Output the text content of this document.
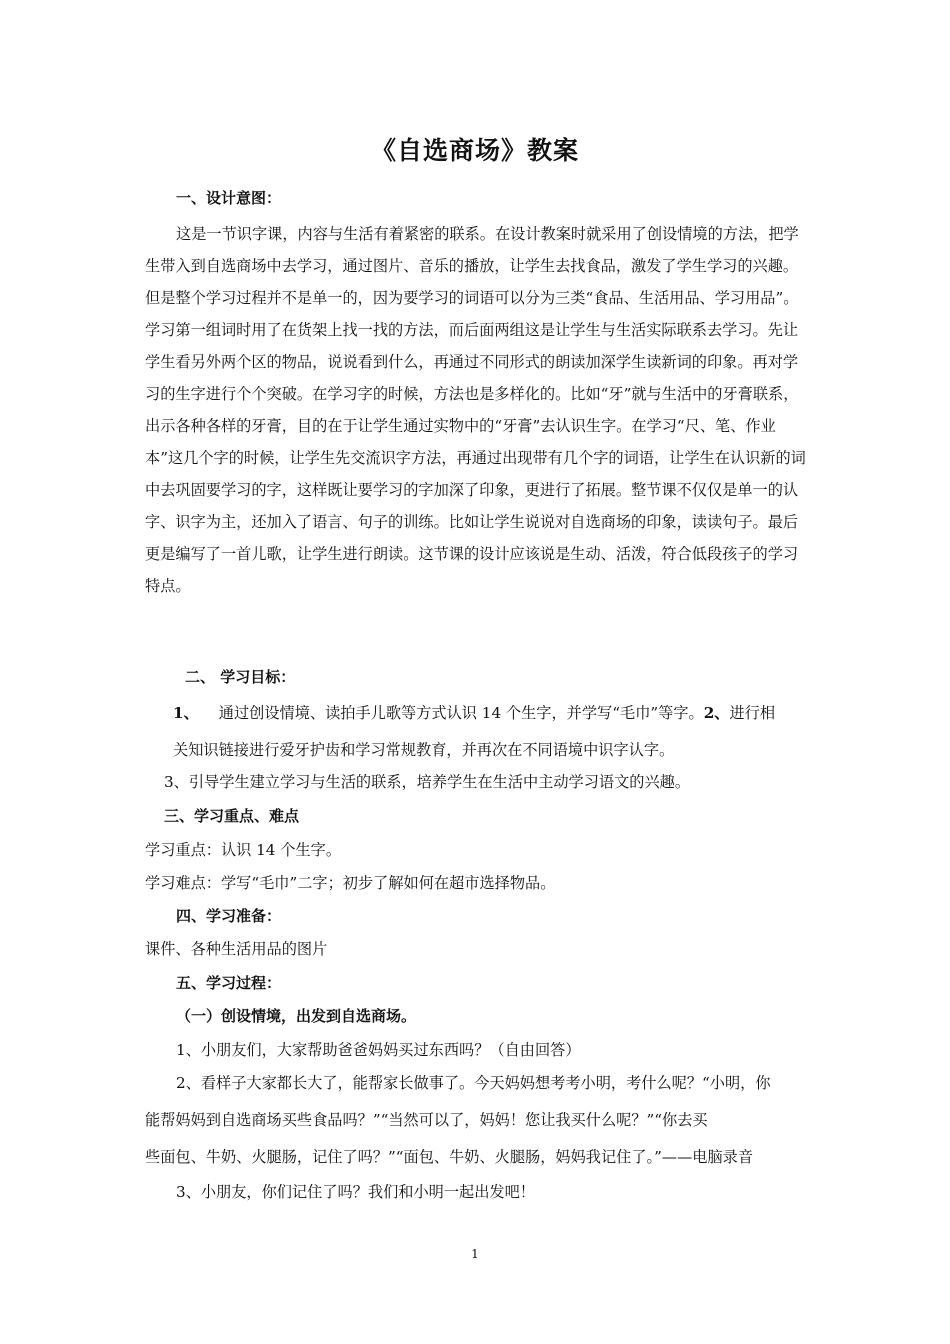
《自选商场》教案
一、设计意图：
这是一节识字课，内容与生活有着紧密的联系。在设计教案时就采用了创设情境的方法，把学生带入到自选商场中去学习，通过图片、音乐的播放，让学生去找食品，激发了学生学习的兴趣。但是整个学习过程并不是单一的，因为要学习的词语可以分为三类“食品、生活用品、学习用品”。学习第一组词时用了在货架上找一找的方法，而后面两组这是让学生与生活实际联系去学习。先让学生看另外两个区的物品，说说看到什么，再通过不同形式的朗读加深学生读新词的印象。再对学习的生字进行个个突破。在学习字的时候，方法也是多样化的。比如“牙”就与生活中的牙膏联系，出示各种各样的牙膏，目的在于让学生通过实物中的“牙膏”去认识生字。在学习“尺、笔、作业本”这几个字的时候，让学生先交流识字方法，再通过出现带有几个字的词语，让学生在认识新的词中去巩固要学习的字，这样既让要学习的字加深了印象，更进行了拓展。整节课不仅仅是单一的认字、识字为主，还加入了语言、句子的训练。比如让学生说说对自选商场的印象，读读句子。最后更是编写了一首儿歌，让学生进行朗读。这节课的设计应该说是生动、活泼，符合低段孩子的学习特点。
二、 学习目标：
1、 通过创设情境、读拍手儿歌等方式认识 14 个生字，并学写“毛巾”等字。2、进行相
关知识链接进行爱牙护齿和学习常规教育，并再次在不同语境中识字认字。
3、引导学生建立学习与生活的联系，培养学生在生活中主动学习语文的兴趣。
三、学习重点、难点
学习重点：认识 14 个生字。
学习难点：学写“毛巾”二字；初步了解如何在超市选择物品。
四、学习准备：
课件、各种生活用品的图片
五、学习过程：
（一）创设情境，出发到自选商场。
1、小朋友们，大家帮助爸爸妈妈买过东西吗？（自由回答）
2、看样子大家都长大了，能帮家长做事了。今天妈妈想考考小明，考什么呢？“小明，你
能帮妈妈到自选商场买些食品吗？”“当然可以了，妈妈！您让我买什么呢？”“你去买
些面包、牛奶、火腿肠，记住了吗？”“面包、牛奶、火腿肠，妈妈我记住了。”——电脑录音
3、小朋友，你们记住了吗？我们和小明一起出发吧！
1
